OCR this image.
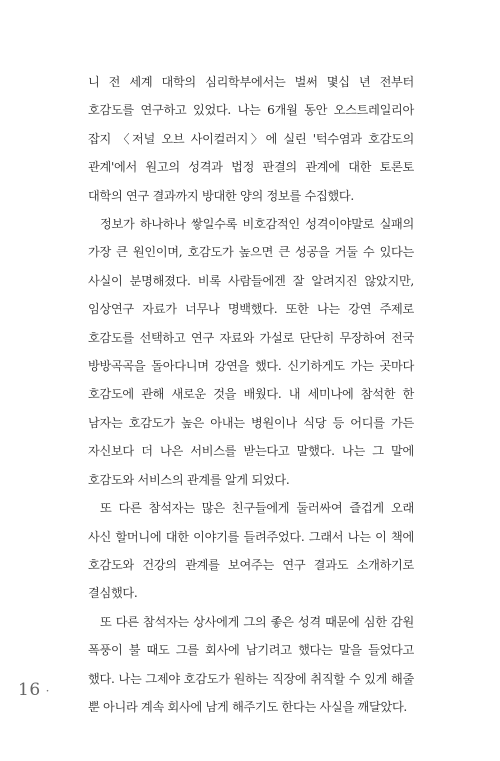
니 전 세계 대학의 심리학부에서는 벌써 몇십 년 전부터 호감도를 연구하고 있었다. 나는 6개월 동안 오스트레일리아 잡지 〈저널 오브 사이컬러지〉에 실린 '턱수염과 호감도의 관계'에서 원고의 성격과 법정 판결의 관계에 대한 토론토 대학의 연구 결과까지 방대한 양의 정보를 수집했다.

정보가 하나하나 쌓일수록 비호감적인 성격이야말로 실패의 가장 큰 원인이며, 호감도가 높으면 큰 성공을 거둘 수 있다는 사실이 분명해졌다. 비록 사람들에겐 잘 알려지진 않았지만, 임상연구 자료가 너무나 명백했다. 또한 나는 강연 주제로 호감도를 선택하고 연구 자료와 가설로 단단히 무장하여 전국 방방곡곡을 돌아다니며 강연을 했다. 신기하게도 가는 곳마다 호감도에 관해 새로운 것을 배웠다. 내 세미나에 참석한 한 남자는 호감도가 높은 아내는 병원이나 식당 등 어디를 가든 자신보다 더 나은 서비스를 받는다고 말했다. 나는 그 말에 호감도와 서비스의 관계를 알게 되었다.

또 다른 참석자는 많은 친구들에게 둘러싸여 즐겁게 오래 사신 할머니에 대한 이야기를 들려주었다. 그래서 나는 이 책에 호감도와 건강의 관계를 보여주는 연구 결과도 소개하기로 결심했다.

또 다른 참석자는 상사에게 그의 좋은 성격 때문에 심한 감원 폭풍이 불 때도 그를 회사에 남기려고 했다는 말을 들었다고 했다. 나는 그제야 호감도가 원하는 직장에 취직할 수 있게 해줄 뿐 아니라 계속 회사에 남게 해주기도 한다는 사실을 깨달았다.

16 ·
